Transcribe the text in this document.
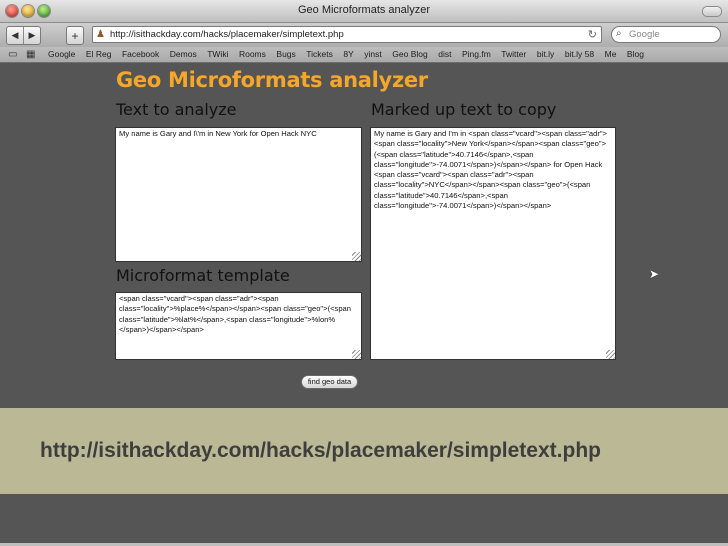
Geo Microformats analyzer
◀	▶	+	♟ http://isithackday.com/hacks/placemaker/simpletext.php	↻ ⌕ Google
▭ ▦ Google El Reg Facebook Demos TWiki Rooms Bugs Tickets 8Y yinst Geo Blog dist Ping.fm Twitter bit.ly bit.ly 58 Me Blog
Geo Microformats analyzer
Text to analyze
My name is Gary and I\'m in New York for Open Hack NYC
Microformat template
<span class="vcard"><span class="adr"><span class="locality">%place%</span></span><span class="geo">(<span class="latitude">%lat%</span>,<span class="longitude">%lon%</span>)</span></span>
Marked up text to copy
My name is Gary and I'm in <span class="vcard"><span class="adr"><span class="locality">New York</span></span><span class="geo">(<span class="latitude">40.7146</span>,<span class="longitude">-74.0071</span>)</span></span> for Open Hack <span class="vcard"><span class="adr"><span class="locality">NYC</span></span><span class="geo">(<span class="latitude">40.7146</span>,<span class="longitude">-74.0071</span>)</span></span>
find geo data
➤
http://isithackday.com/hacks/placemaker/simpletext.php
